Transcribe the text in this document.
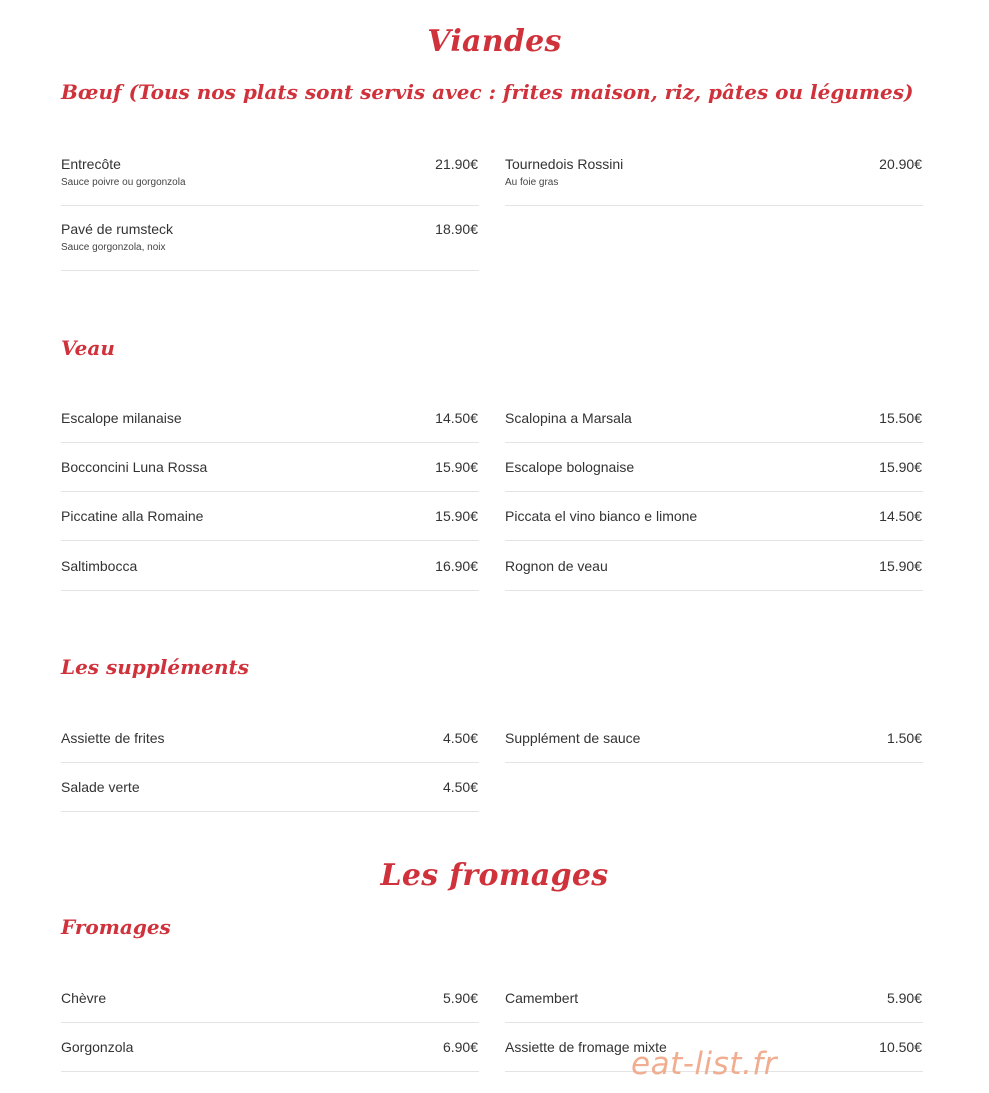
Viandes
Bœuf (Tous nos plats sont servis avec : frites maison, riz, pâtes ou légumes)
Entrecôte	21.90€
Sauce poivre ou gorgonzola
Tournedois Rossini	20.90€
Au foie gras
Pavé de rumsteck	18.90€
Sauce gorgonzola, noix
Veau
Escalope milanaise	14.50€ Scalopina a Marsala	15.50€
Bocconcini Luna Rossa	15.90€ Escalope bolognaise	15.90€
Piccatine alla Romaine	15.90€ Piccata el vino bianco e limone	14.50€
Saltimbocca	16.90€ Rognon de veau	15.90€
Les suppléments
Assiette de frites	4.50€ Supplément de sauce	1.50€
Salade verte	4.50€
Les fromages
Fromages
Chèvre	5.90€ Camembert	5.90€
Gorgonzola	6.90€ Assiette de fromage mixte	10.50€
eat-list.fr
